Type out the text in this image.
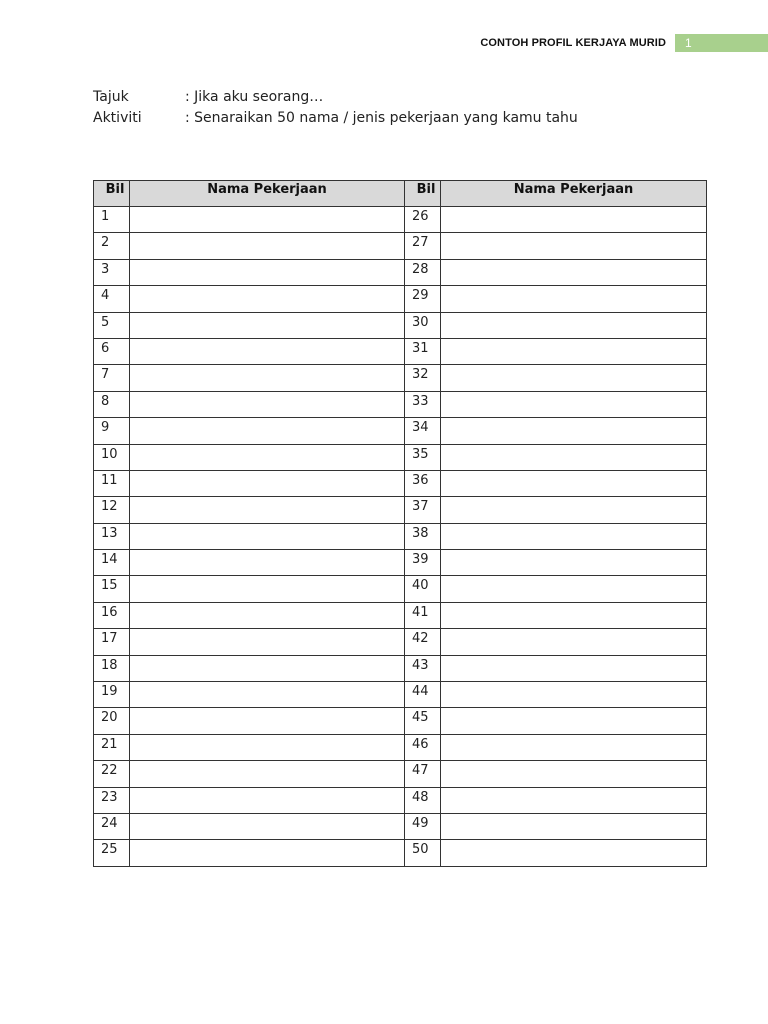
CONTOH PROFIL KERJAYA MURID	1
Tajuk	: Jika aku seorang…
Aktiviti	: Senaraikan 50 nama / jenis pekerjaan yang kamu tahu
Bil	Nama Pekerjaan	Bil	Nama Pekerjaan
1		26	
2		27	
3		28	
4		29	
5		30	
6		31	
7		32	
8		33	
9		34	
10		35	
11		36	
12		37	
13		38	
14		39	
15		40	
16		41	
17		42	
18		43	
19		44	
20		45	
21		46	
22		47	
23		48	
24		49	
25		50	
